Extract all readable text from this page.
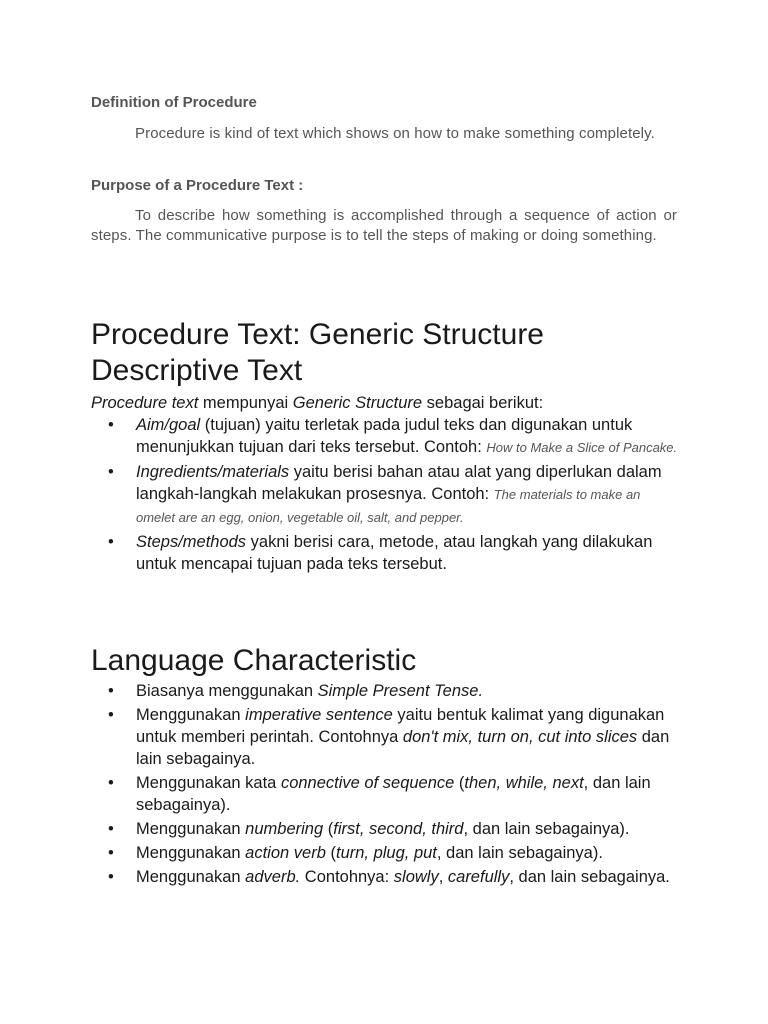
Definition of Procedure
Procedure is kind of text which shows on how to make something completely.
Purpose of a Procedure Text :
To describe how something is accomplished through a sequence of action or steps. The communicative purpose is to tell the steps of making or doing something.
Procedure Text: Generic Structure
Descriptive Text
Procedure text mempunyai Generic Structure sebagai berikut:
• Aim/goal (tujuan) yaitu terletak pada judul teks dan digunakan untuk menunjukkan tujuan dari teks tersebut. Contoh: How to Make a Slice of Pancake.
• Ingredients/materials yaitu berisi bahan atau alat yang diperlukan dalam langkah-langkah melakukan prosesnya. Contoh: The materials to make an omelet are an egg, onion, vegetable oil, salt, and pepper.
• Steps/methods yakni berisi cara, metode, atau langkah yang dilakukan untuk mencapai tujuan pada teks tersebut.
Language Characteristic
• Biasanya menggunakan Simple Present Tense.
• Menggunakan imperative sentence yaitu bentuk kalimat yang digunakan untuk memberi perintah. Contohnya don't mix, turn on, cut into slices dan lain sebagainya.
• Menggunakan kata connective of sequence (then, while, next, dan lain sebagainya).
• Menggunakan numbering (first, second, third, dan lain sebagainya).
• Menggunakan action verb (turn, plug, put, dan lain sebagainya).
• Menggunakan adverb. Contohnya: slowly, carefully, dan lain sebagainya.
